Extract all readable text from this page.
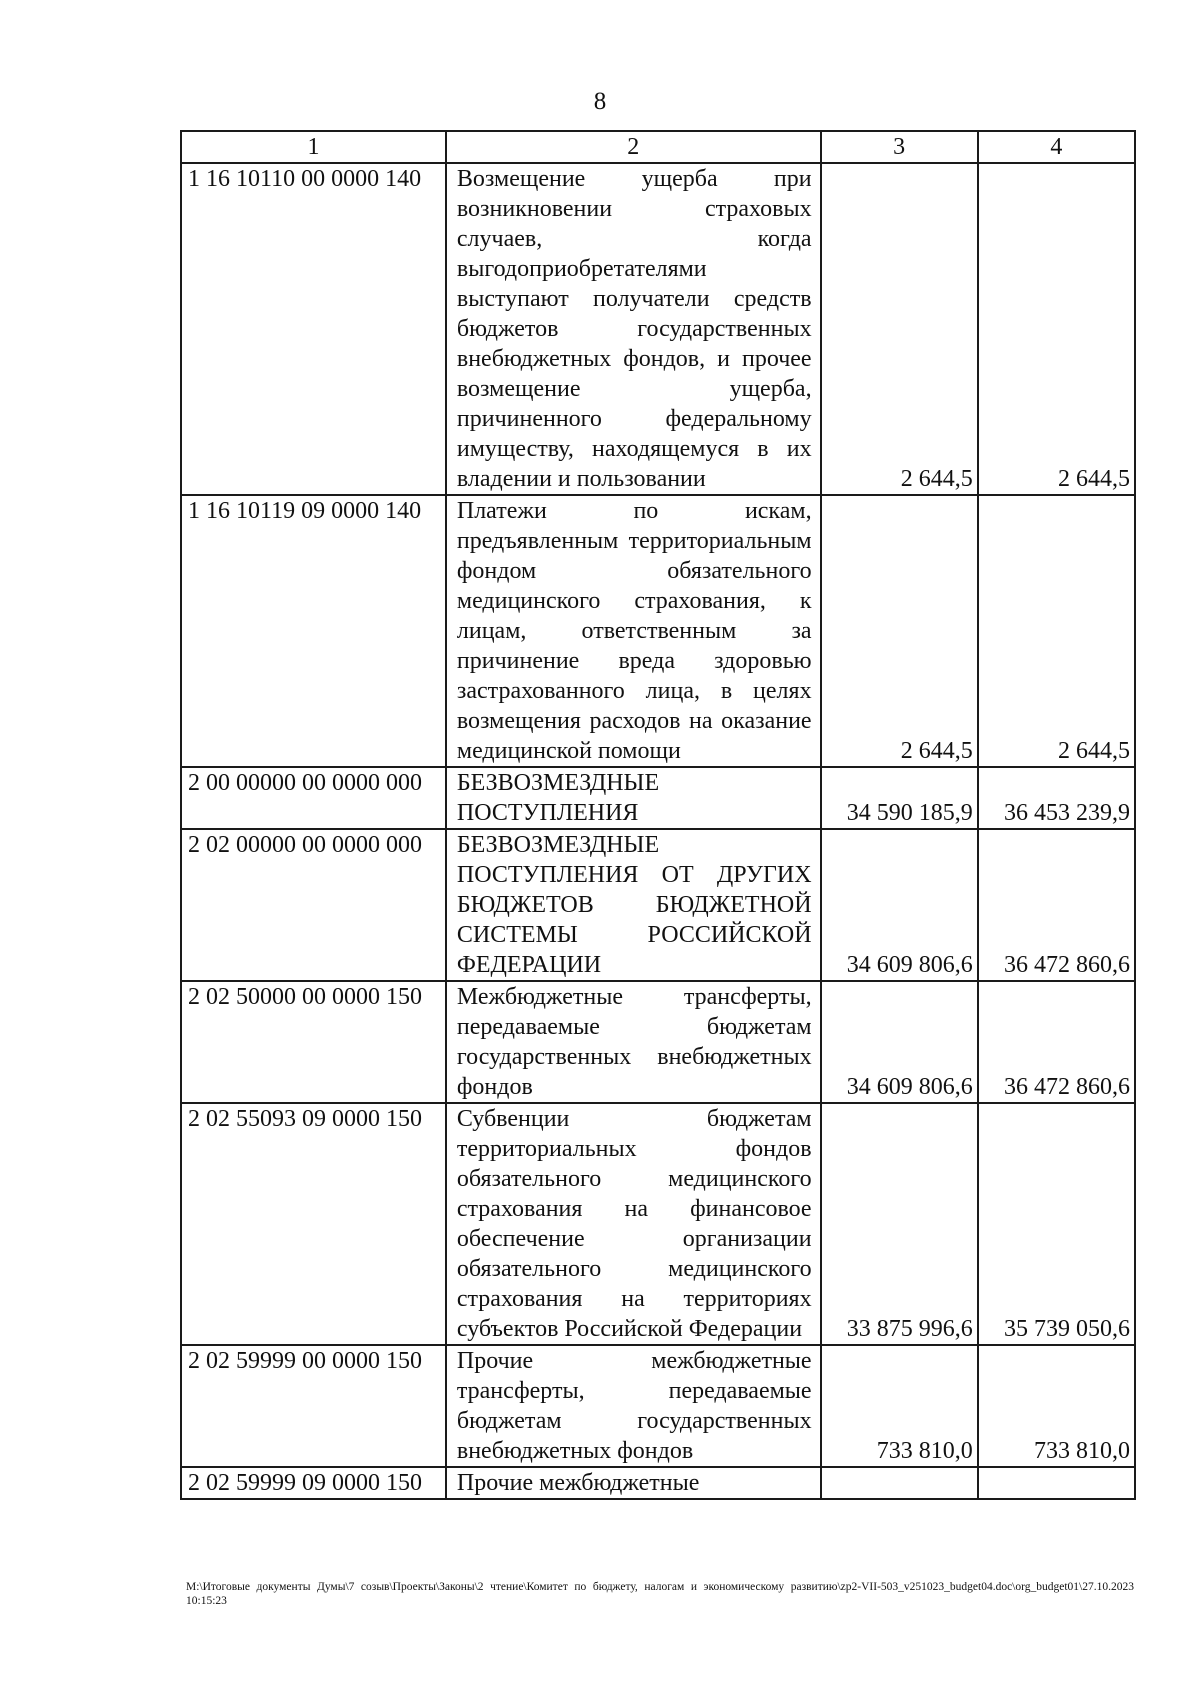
8
1	2	3	4
1 16 10110 00 0000 140	Возмещение ущерба при возникновении страховых случаев, когда выгодоприобретателями выступают получатели средств бюджетов государственных внебюджетных фондов, и прочее возмещение ущерба, причиненного федеральному имуществу, находящемуся в их владении и пользовании	2 644,5	2 644,5
1 16 10119 09 0000 140	Платежи по искам, предъявленным территориальным фондом обязательного медицинского страхования, к лицам, ответственным за причинение вреда здоровью застрахованного лица, в целях возмещения расходов на оказание медицинской помощи	2 644,5	2 644,5
2 00 00000 00 0000 000	БЕЗВОЗМЕЗДНЫЕ ПОСТУПЛЕНИЯ	34 590 185,9	36 453 239,9
2 02 00000 00 0000 000	БЕЗВОЗМЕЗДНЫЕ ПОСТУПЛЕНИЯ ОТ ДРУГИХ БЮДЖЕТОВ БЮДЖЕТНОЙ СИСТЕМЫ РОССИЙСКОЙ ФЕДЕРАЦИИ	34 609 806,6	36 472 860,6
2 02 50000 00 0000 150	Межбюджетные трансферты, передаваемые бюджетам государственных внебюджетных фондов	34 609 806,6	36 472 860,6
2 02 55093 09 0000 150	Субвенции бюджетам территориальных фондов обязательного медицинского страхования на финансовое обеспечение организации обязательного медицинского страхования на территориях субъектов Российской Федерации	33 875 996,6	35 739 050,6
2 02 59999 00 0000 150	Прочие межбюджетные трансферты, передаваемые бюджетам государственных внебюджетных фондов	733 810,0	733 810,0
2 02 59999 09 0000 150	Прочие межбюджетные		
M:\Итоговые документы Думы\7 созыв\Проекты\Законы\2 чтение\Комитет по бюджету, налогам и экономическому развитию\zp2-VII-503_v251023_budget04.doc\org_budget01\27.10.2023 10:15:23
